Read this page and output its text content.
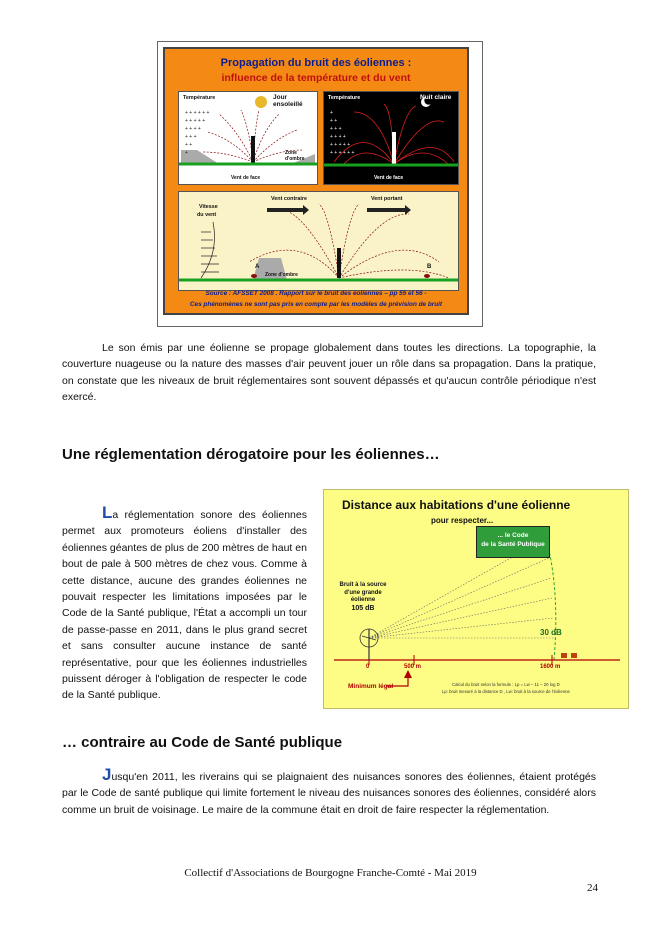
Propagation du bruit des éoliennes :
influence de la température et du vent
+ + + + + +
+ + + + +
+ + + +
+ + +
+ +
+
Température	Jour ensoleillé
Zone d'ombre
Vent de face
+
+ +
+ + +
+ + + +
+ + + + +
+ + + + + +
Température	Nuit claire
Vent de face
Vitesse
du vent
Vent contraire	Vent portant
A	B
Zone d'ombre
Source : AFSSET 2008 . Rapport sur le bruit des éoliennes – pp 55 et 56 -
Ces phénomènes ne sont pas pris en compte par les modèles de prévision de bruit
Le son émis par une éolienne se propage globalement dans toutes les directions. La topographie, la couverture nuageuse ou la nature des masses d'air peuvent jouer un rôle dans sa propagation. Dans la pratique, on constate que les niveaux de bruit réglementaires sont souvent dépassés et qu'aucun contrôle périodique n'est exercé.
Une réglementation dérogatoire pour les éoliennes…
La réglementation sonore des éoliennes permet aux promoteurs éoliens d'installer des éoliennes géantes de plus de 200 mètres de haut en bout de pale à 500 mètres de chez vous. Comme à cette distance, aucune des grandes éoliennes ne pouvait respecter les limitations imposées par le Code de la Santé publique, l'État a accompli un tour de passe-passe en 2011, dans le plus grand secret et sans consulter aucune instance de santé représentative, pour que les éoliennes industrielles puissent déroger à l'obligation de respecter le code de la Santé publique.
Distance aux habitations d'une éolienne
pour respecter...
... le Code
de la Santé Publique
Bruit à la source
d'une grande
éolienne
105 dB
30 dB
0	500 m	1600 m
Minimum légal	Calcul du bruit selon la formule : Lp = Lw – 11 – 20 log D
Lp: bruit mesuré à la distance D , Lw: bruit à la source de l'éolienne
… contraire au Code de Santé publique
Jusqu'en 2011, les riverains qui se plaignaient des nuisances sonores des éoliennes, étaient protégés par le Code de santé publique qui limite fortement le niveau des nuisances sonores des éoliennes, considéré alors comme un bruit de voisinage. Le maire de la commune était en droit de faire respecter la réglementation.
Collectif d'Associations de Bourgogne Franche-Comté - Mai 2019
24
